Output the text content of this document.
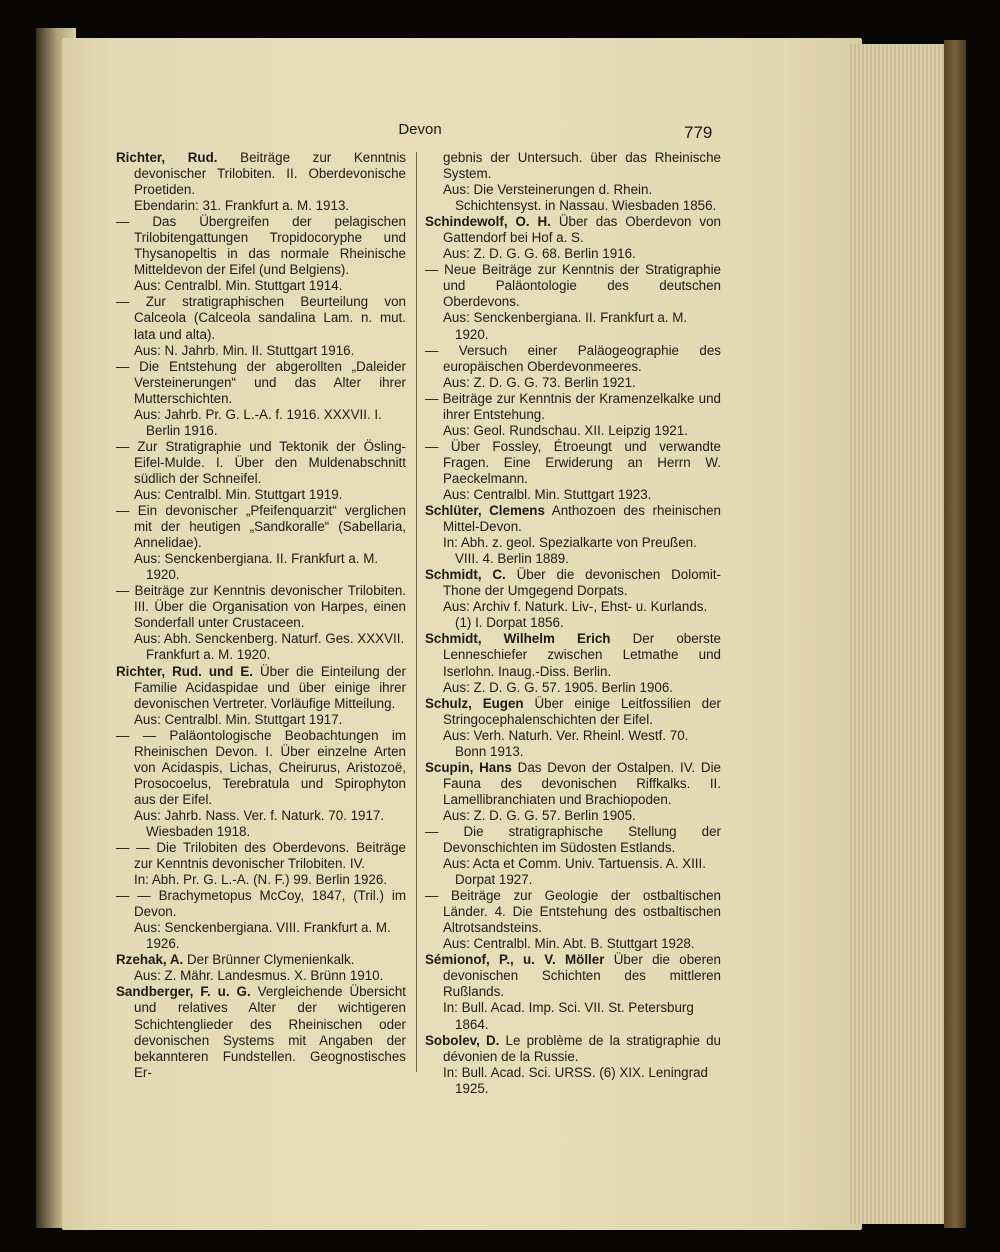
Devon	779

Richter, Rud. Beiträge zur Kenntnis devonischer Trilobiten. II. Oberdevonische Proetiden.

Ebendarin: 31. Frankfurt a. M. 1913.

— Das Übergreifen der pelagischen Trilobitengattungen Tropidocoryphe und Thysanopeltis in das normale Rheinische Mitteldevon der Eifel (und Belgiens).

Aus: Centralbl. Min. Stuttgart 1914.

— Zur stratigraphischen Beurteilung von Calceola (Calceola sandalina Lam. n. mut. lata und alta).

Aus: N. Jahrb. Min. II. Stuttgart 1916.

— Die Entstehung der abgerollten „Daleider Versteinerungen“ und das Alter ihrer Mutterschichten.

Aus: Jahrb. Pr. G. L.-A. f. 1916. XXXVII. I. Berlin 1916.

— Zur Stratigraphie und Tektonik der Ösling-Eifel-Mulde. I. Über den Muldenabschnitt südlich der Schneifel.

Aus: Centralbl. Min. Stuttgart 1919.

— Ein devonischer „Pfeifenquarzit“ verglichen mit der heutigen „Sandkoralle“ (Sabellaria, Annelidae).

Aus: Senckenbergiana. II. Frankfurt a. M. 1920.

— Beiträge zur Kenntnis devonischer Trilobiten. III. Über die Organisation von Harpes, einen Sonderfall unter Crustaceen.

Aus: Abh. Senckenberg. Naturf. Ges. XXXVII. Frankfurt a. M. 1920.

Richter, Rud. und E. Über die Einteilung der Familie Acidaspidae und über einige ihrer devonischen Vertreter. Vorläufige Mitteilung.

Aus: Centralbl. Min. Stuttgart 1917.

— — Paläontologische Beobachtungen im Rheinischen Devon. I. Über einzelne Arten von Acidaspis, Lichas, Cheirurus, Aristozoë, Prosocoelus, Terebratula und Spirophyton aus der Eifel.

Aus: Jahrb. Nass. Ver. f. Naturk. 70. 1917. Wiesbaden 1918.

— — Die Trilobiten des Oberdevons. Beiträge zur Kenntnis devonischer Trilobiten. IV.

In: Abh. Pr. G. L.-A. (N. F.) 99. Berlin 1926.

— — Brachymetopus McCoy, 1847, (Tril.) im Devon.

Aus: Senckenbergiana. VIII. Frankfurt a. M. 1926.

Rzehak, A. Der Brünner Clymenienkalk.

Aus: Z. Mähr. Landesmus. X. Brünn 1910.

Sandberger, F. u. G. Vergleichende Übersicht und relatives Alter der wichtigeren Schichtenglieder des Rheinischen oder devonischen Systems mit Angaben der bekannteren Fundstellen. Geognostisches Er-

gebnis der Untersuch. über das Rheinische System.

Aus: Die Versteinerungen d. Rhein. Schichtensyst. in Nassau. Wiesbaden 1856.

Schindewolf, O. H. Über das Oberdevon von Gattendorf bei Hof a. S.

Aus: Z. D. G. G. 68. Berlin 1916.

— Neue Beiträge zur Kenntnis der Stratigraphie und Paläontologie des deutschen Oberdevons.

Aus: Senckenbergiana. II. Frankfurt a. M. 1920.

— Versuch einer Paläogeographie des europäischen Oberdevonmeeres.

Aus: Z. D. G. G. 73. Berlin 1921.

— Beiträge zur Kenntnis der Kramenzelkalke und ihrer Entstehung.

Aus: Geol. Rundschau. XII. Leipzig 1921.

— Über Fossley, Étroeungt und verwandte Fragen. Eine Erwiderung an Herrn W. Paeckelmann.

Aus: Centralbl. Min. Stuttgart 1923.

Schlüter, Clemens Anthozoen des rheinischen Mittel-Devon.

In: Abh. z. geol. Spezialkarte von Preußen. VIII. 4. Berlin 1889.

Schmidt, C. Über die devonischen Dolomit-Thone der Umgegend Dorpats.

Aus: Archiv f. Naturk. Liv-, Ehst- u. Kurlands. (1) I. Dorpat 1856.

Schmidt, Wilhelm Erich Der oberste Lenneschiefer zwischen Letmathe und Iserlohn. Inaug.-Diss. Berlin.

Aus: Z. D. G. G. 57. 1905. Berlin 1906.

Schulz, Eugen Über einige Leitfossilien der Stringocephalenschichten der Eifel.

Aus: Verh. Naturh. Ver. Rheinl. Westf. 70. Bonn 1913.

Scupin, Hans Das Devon der Ostalpen. IV. Die Fauna des devonischen Riffkalks. II. Lamellibranchiaten und Brachiopoden.

Aus: Z. D. G. G. 57. Berlin 1905.

— Die stratigraphische Stellung der Devonschichten im Südosten Estlands.

Aus: Acta et Comm. Univ. Tartuensis. A. XIII. Dorpat 1927.

— Beiträge zur Geologie der ostbaltischen Länder. 4. Die Entstehung des ostbaltischen Altrotsandsteins.

Aus: Centralbl. Min. Abt. B. Stuttgart 1928.

Sémionof, P., u. V. Möller Über die oberen devonischen Schichten des mittleren Rußlands.

In: Bull. Acad. Imp. Sci. VII. St. Petersburg 1864.

Sobolev, D. Le problème de la stratigraphie du dévonien de la Russie.

In: Bull. Acad. Sci. URSS. (6) XIX. Leningrad 1925.
